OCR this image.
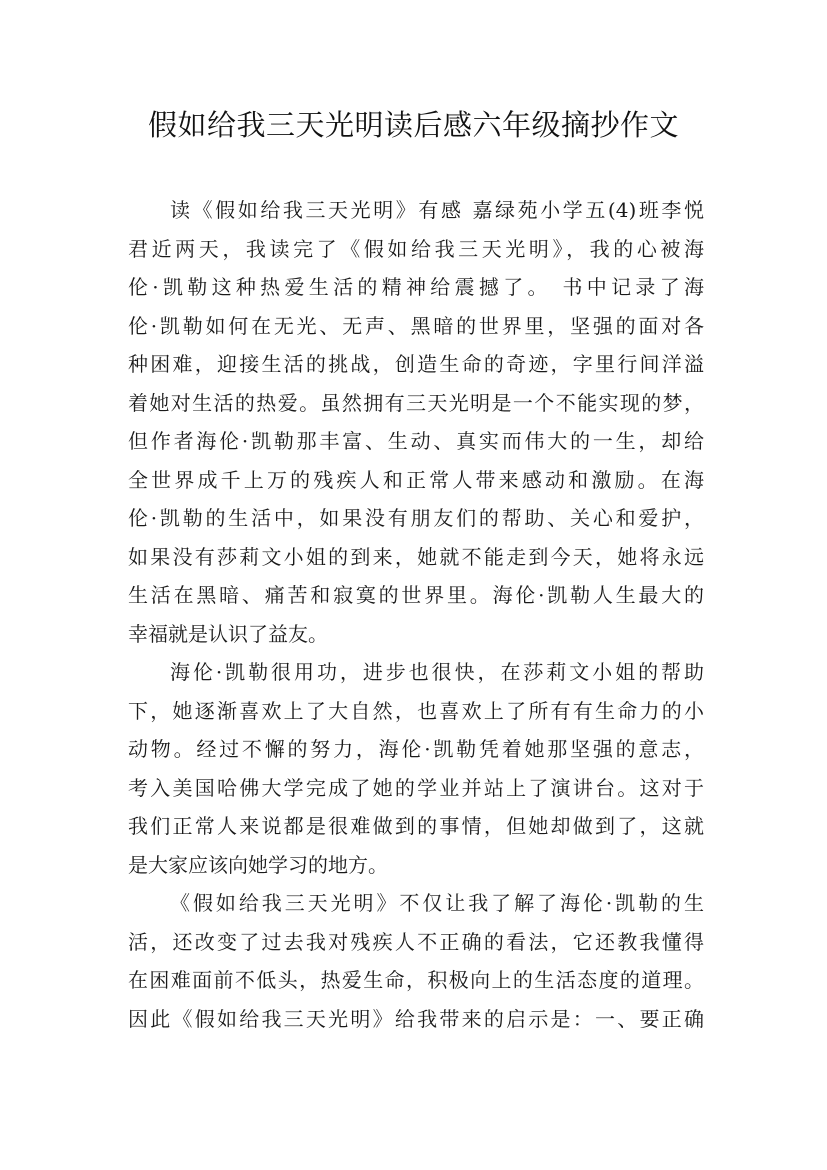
假如给我三天光明读后感六年级摘抄作文

读《假如给我三天光明》有感 嘉绿苑小学五(4)班李悦
君近两天，我读完了《假如给我三天光明》，我的心被海
伦·凯勒这种热爱生活的精神给震撼了。 书中记录了海
伦·凯勒如何在无光、无声、黑暗的世界里，坚强的面对各
种困难，迎接生活的挑战，创造生命的奇迹，字里行间洋溢
着她对生活的热爱。虽然拥有三天光明是一个不能实现的梦，
但作者海伦·凯勒那丰富、生动、真实而伟大的一生，却给
全世界成千上万的残疾人和正常人带来感动和激励。在海
伦·凯勒的生活中，如果没有朋友们的帮助、关心和爱护，
如果没有莎莉文小姐的到来，她就不能走到今天，她将永远
生活在黑暗、痛苦和寂寞的世界里。海伦·凯勒人生最大的
幸福就是认识了益友。

海伦·凯勒很用功，进步也很快，在莎莉文小姐的帮助
下，她逐渐喜欢上了大自然，也喜欢上了所有有生命力的小
动物。经过不懈的努力，海伦·凯勒凭着她那坚强的意志，
考入美国哈佛大学完成了她的学业并站上了演讲台。这对于
我们正常人来说都是很难做到的事情，但她却做到了，这就
是大家应该向她学习的地方。

《假如给我三天光明》不仅让我了解了海伦·凯勒的生
活，还改变了过去我对残疾人不正确的看法，它还教我懂得
在困难面前不低头，热爱生命，积极向上的生活态度的道理。
因此《假如给我三天光明》给我带来的启示是：一、要正确
